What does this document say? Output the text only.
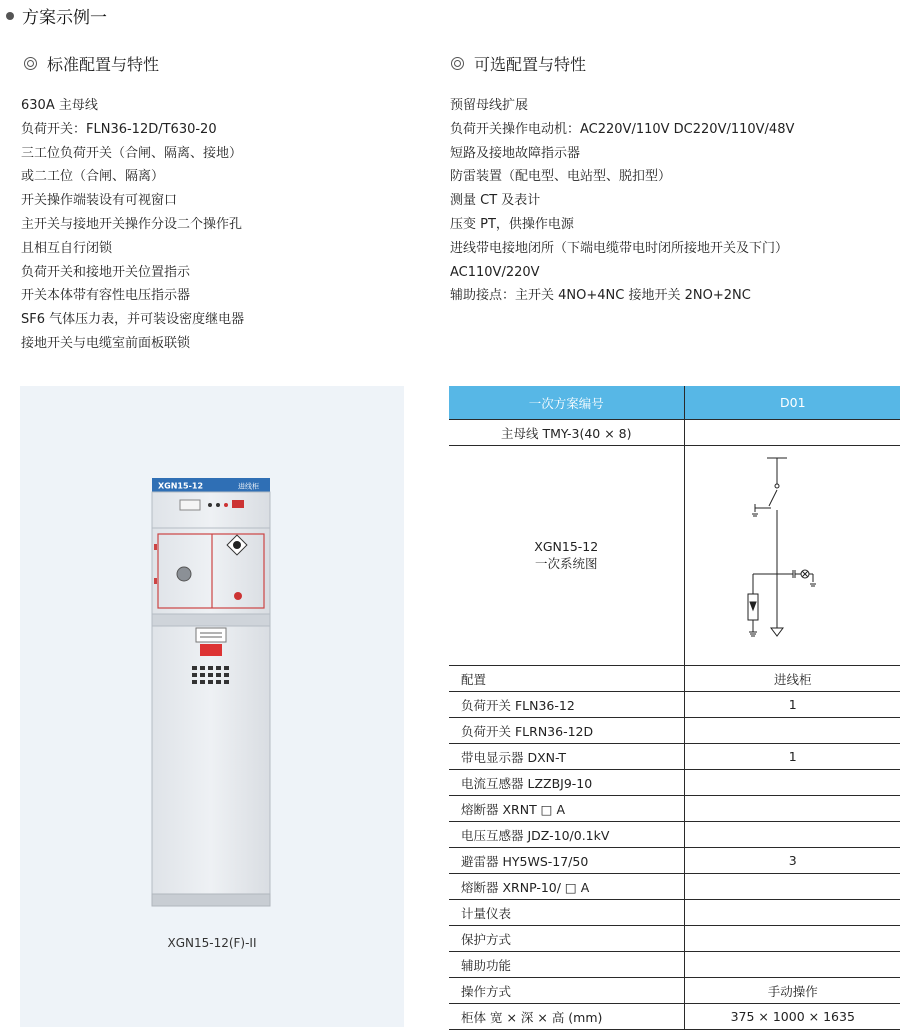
方案示例一
标准配置与特性
630A 主母线
负荷开关：FLN36-12D/T630-20
三工位负荷开关（合闸、隔离、接地）
或二工位（合闸、隔离）
开关操作端装设有可视窗口
主开关与接地开关操作分设二个操作孔
且相互自行闭锁
负荷开关和接地开关位置指示
开关本体带有容性电压指示器
SF6 气体压力表，并可装设密度继电器
接地开关与电缆室前面板联锁
可选配置与特性
预留母线扩展
负荷开关操作电动机：AC220V/110V DC220V/110V/48V
短路及接地故障指示器
防雷装置（配电型、电站型、脱扣型）
测量 CT 及表计
压变 PT，供操作电源
进线带电接地闭所（下端电缆带电时闭所接地开关及下门）
AC110V/220V
辅助接点：主开关 4NO+4NC 接地开关 2NO+2NC
XGN15-12	进线柜
XGN15-12(F)-II
一次方案编号	D01
主母线 TMY-3(40 × 8)	

XGN15-12
一次系统图

配置	进线柜
负荷开关 FLN36-12	1
负荷开关 FLRN36-12D	
带电显示器 DXN-T	1
电流互感器 LZZBJ9-10	
熔断器 XRNT □ A	
电压互感器 JDZ-10/0.1kV	
避雷器 HY5WS-17/50	3
熔断器 XRNP-10/ □ A	
计量仪表	
保护方式	
辅助功能	
操作方式	手动操作
柜体 宽 × 深 × 高 (mm)	375 × 1000 × 1635
